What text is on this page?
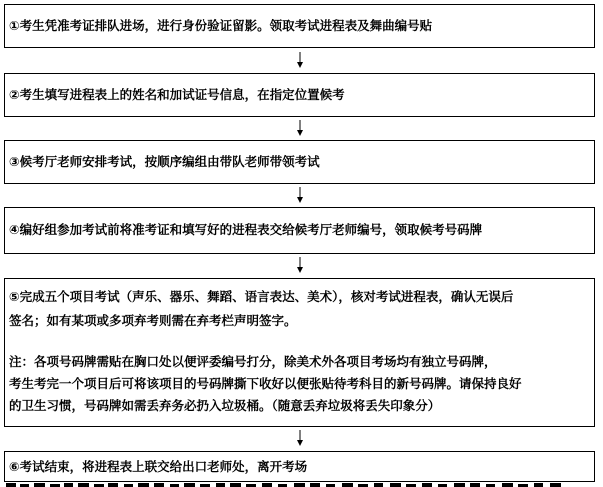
①考生凭准考证排队进场，进行身份验证留影。领取考试进程表及舞曲编号贴
②考生填写进程表上的姓名和加试证号信息，在指定位置候考
③候考厅老师安排考试，按顺序编组由带队老师带领考试
④编好组参加考试前将准考证和填写好的进程表交给候考厅老师编号，领取候考号码牌
⑤完成五个项目考试（声乐、器乐、舞蹈、语言表达、美术），核对考试进程表，确认无误后
签名；如有某项或多项弃考则需在弃考栏声明签字。
注：各项号码牌需贴在胸口处以便评委编号打分，除美术外各项目考场均有独立号码牌，
考生考完一个项目后可将该项目的号码牌撕下收好以便张贴待考科目的新号码牌。请保持良好
的卫生习惯，号码牌如需丢弃务必扔入垃圾桶。（随意丢弃垃圾将丢失印象分）
⑥考试结束，将进程表上联交给出口老师处，离开考场
